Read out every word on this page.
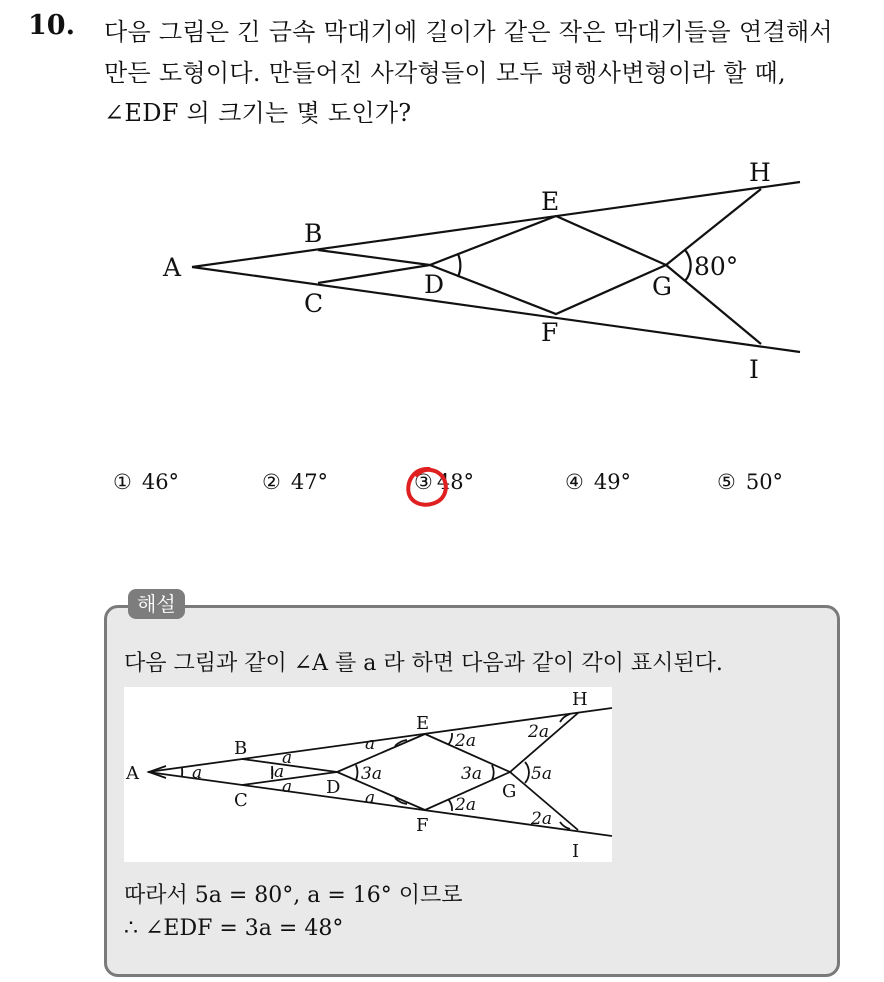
10. 다음 그림은 긴 금속 막대기에 길이가 같은 작은 막대기들을 연결해서
만든 도형이다. 만들어진 사각형들이 모두 평행사변형이라 할 때,
∠EDF 의 크기는 몇 도인가?
A
B
C
D
E
F
G
H
I
80°
① 46°	② 47°	③ 48°	④ 49°	⑤ 50°
해설
다음 그림과 같이 ∠A 를 a 라 하면 다음과 같이 각이 표시된다.
A
B
C
D
E
F
G
H
I
a
a
a
a
3a
a	2a
a	2a
3a	5a
2a
2a
따라서 5a = 80°, a = 16° 이므로
∴ ∠EDF = 3a = 48°
